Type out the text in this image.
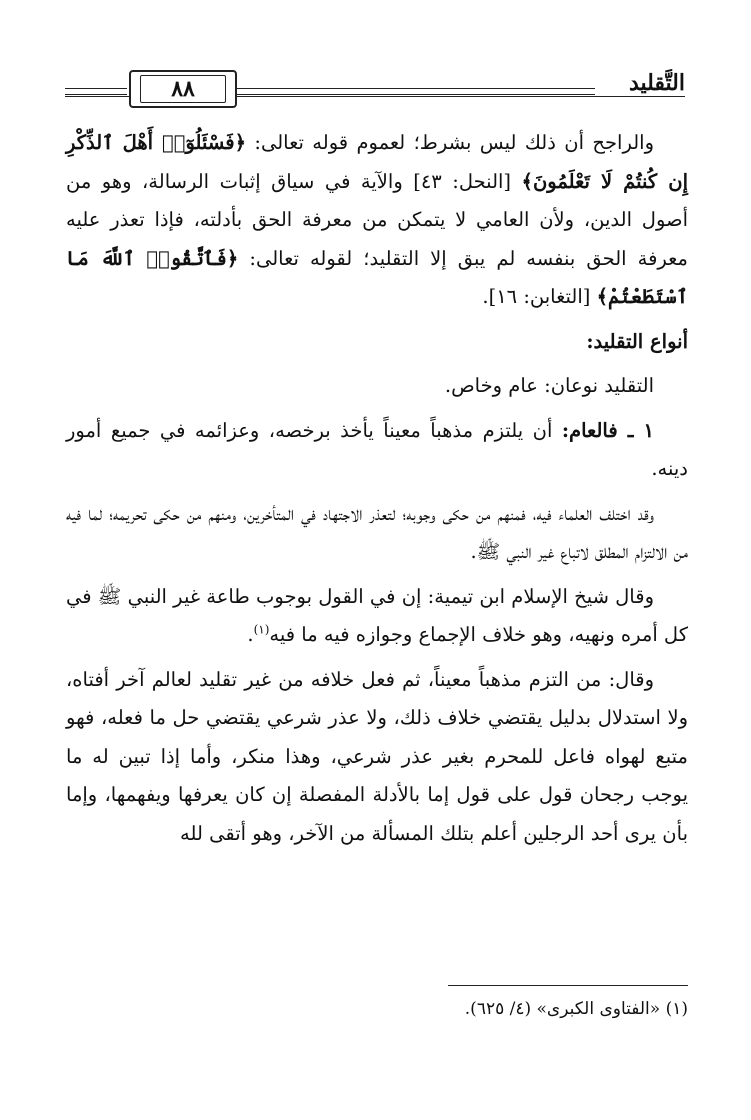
٨٨	التَّقليد

والراجح أن ذلك ليس بشرط؛ لعموم قوله تعالى: ﴿فَسْئَلُوٓا۟ أَهْلَ ٱلذِّكْرِ إِن كُنتُمْ لَا تَعْلَمُونَ﴾ [النحل: ٤٣] والآية في سياق إثبات الرسالة، وهو من أصول الدين، ولأن العامي لا يتمكن من معرفة الحق بأدلته، فإذا تعذر عليه معرفة الحق بنفسه لم يبق إلا التقليد؛ لقوله تعالى: ﴿فَٱتَّقُوا۟ ٱللَّهَ مَا ٱسْتَطَعْتُمْ﴾ [التغابن: ١٦].

أنواع التقليد:

التقليد نوعان: عام وخاص.

١ ـ فالعام: أن يلتزم مذهباً معيناً يأخذ برخصه، وعزائمه في جميع أمور دينه.

وقد اختلف العلماء فيه، فمنهم من حكى وجوبه؛ لتعذر الاجتهاد في المتأخرين، ومنهم من حكى تحريمه؛ لما فيه من الالتزام المطلق لاتباع غير النبي ﷺ.

وقال شيخ الإسلام ابن تيمية: إن في القول بوجوب طاعة غير النبي ﷺ في كل أمره ونهيه، وهو خلاف الإجماع وجوازه فيه ما فيه$^{(١)}$.

وقال: من التزم مذهباً معيناً، ثم فعل خلافه من غير تقليد لعالم آخر أفتاه، ولا استدلال بدليل يقتضي خلاف ذلك، ولا عذر شرعي يقتضي حل ما فعله، فهو متبع لهواه فاعل للمحرم بغير عذر شرعي، وهذا منكر، وأما إذا تبين له ما يوجب رجحان قول على قول إما بالأدلة المفصلة إن كان يعرفها ويفهمها، وإما بأن يرى أحد الرجلين أعلم بتلك المسألة من الآخر، وهو أتقى لله

(١) «الفتاوى الكبرى» (٤/ ٦٢٥).
